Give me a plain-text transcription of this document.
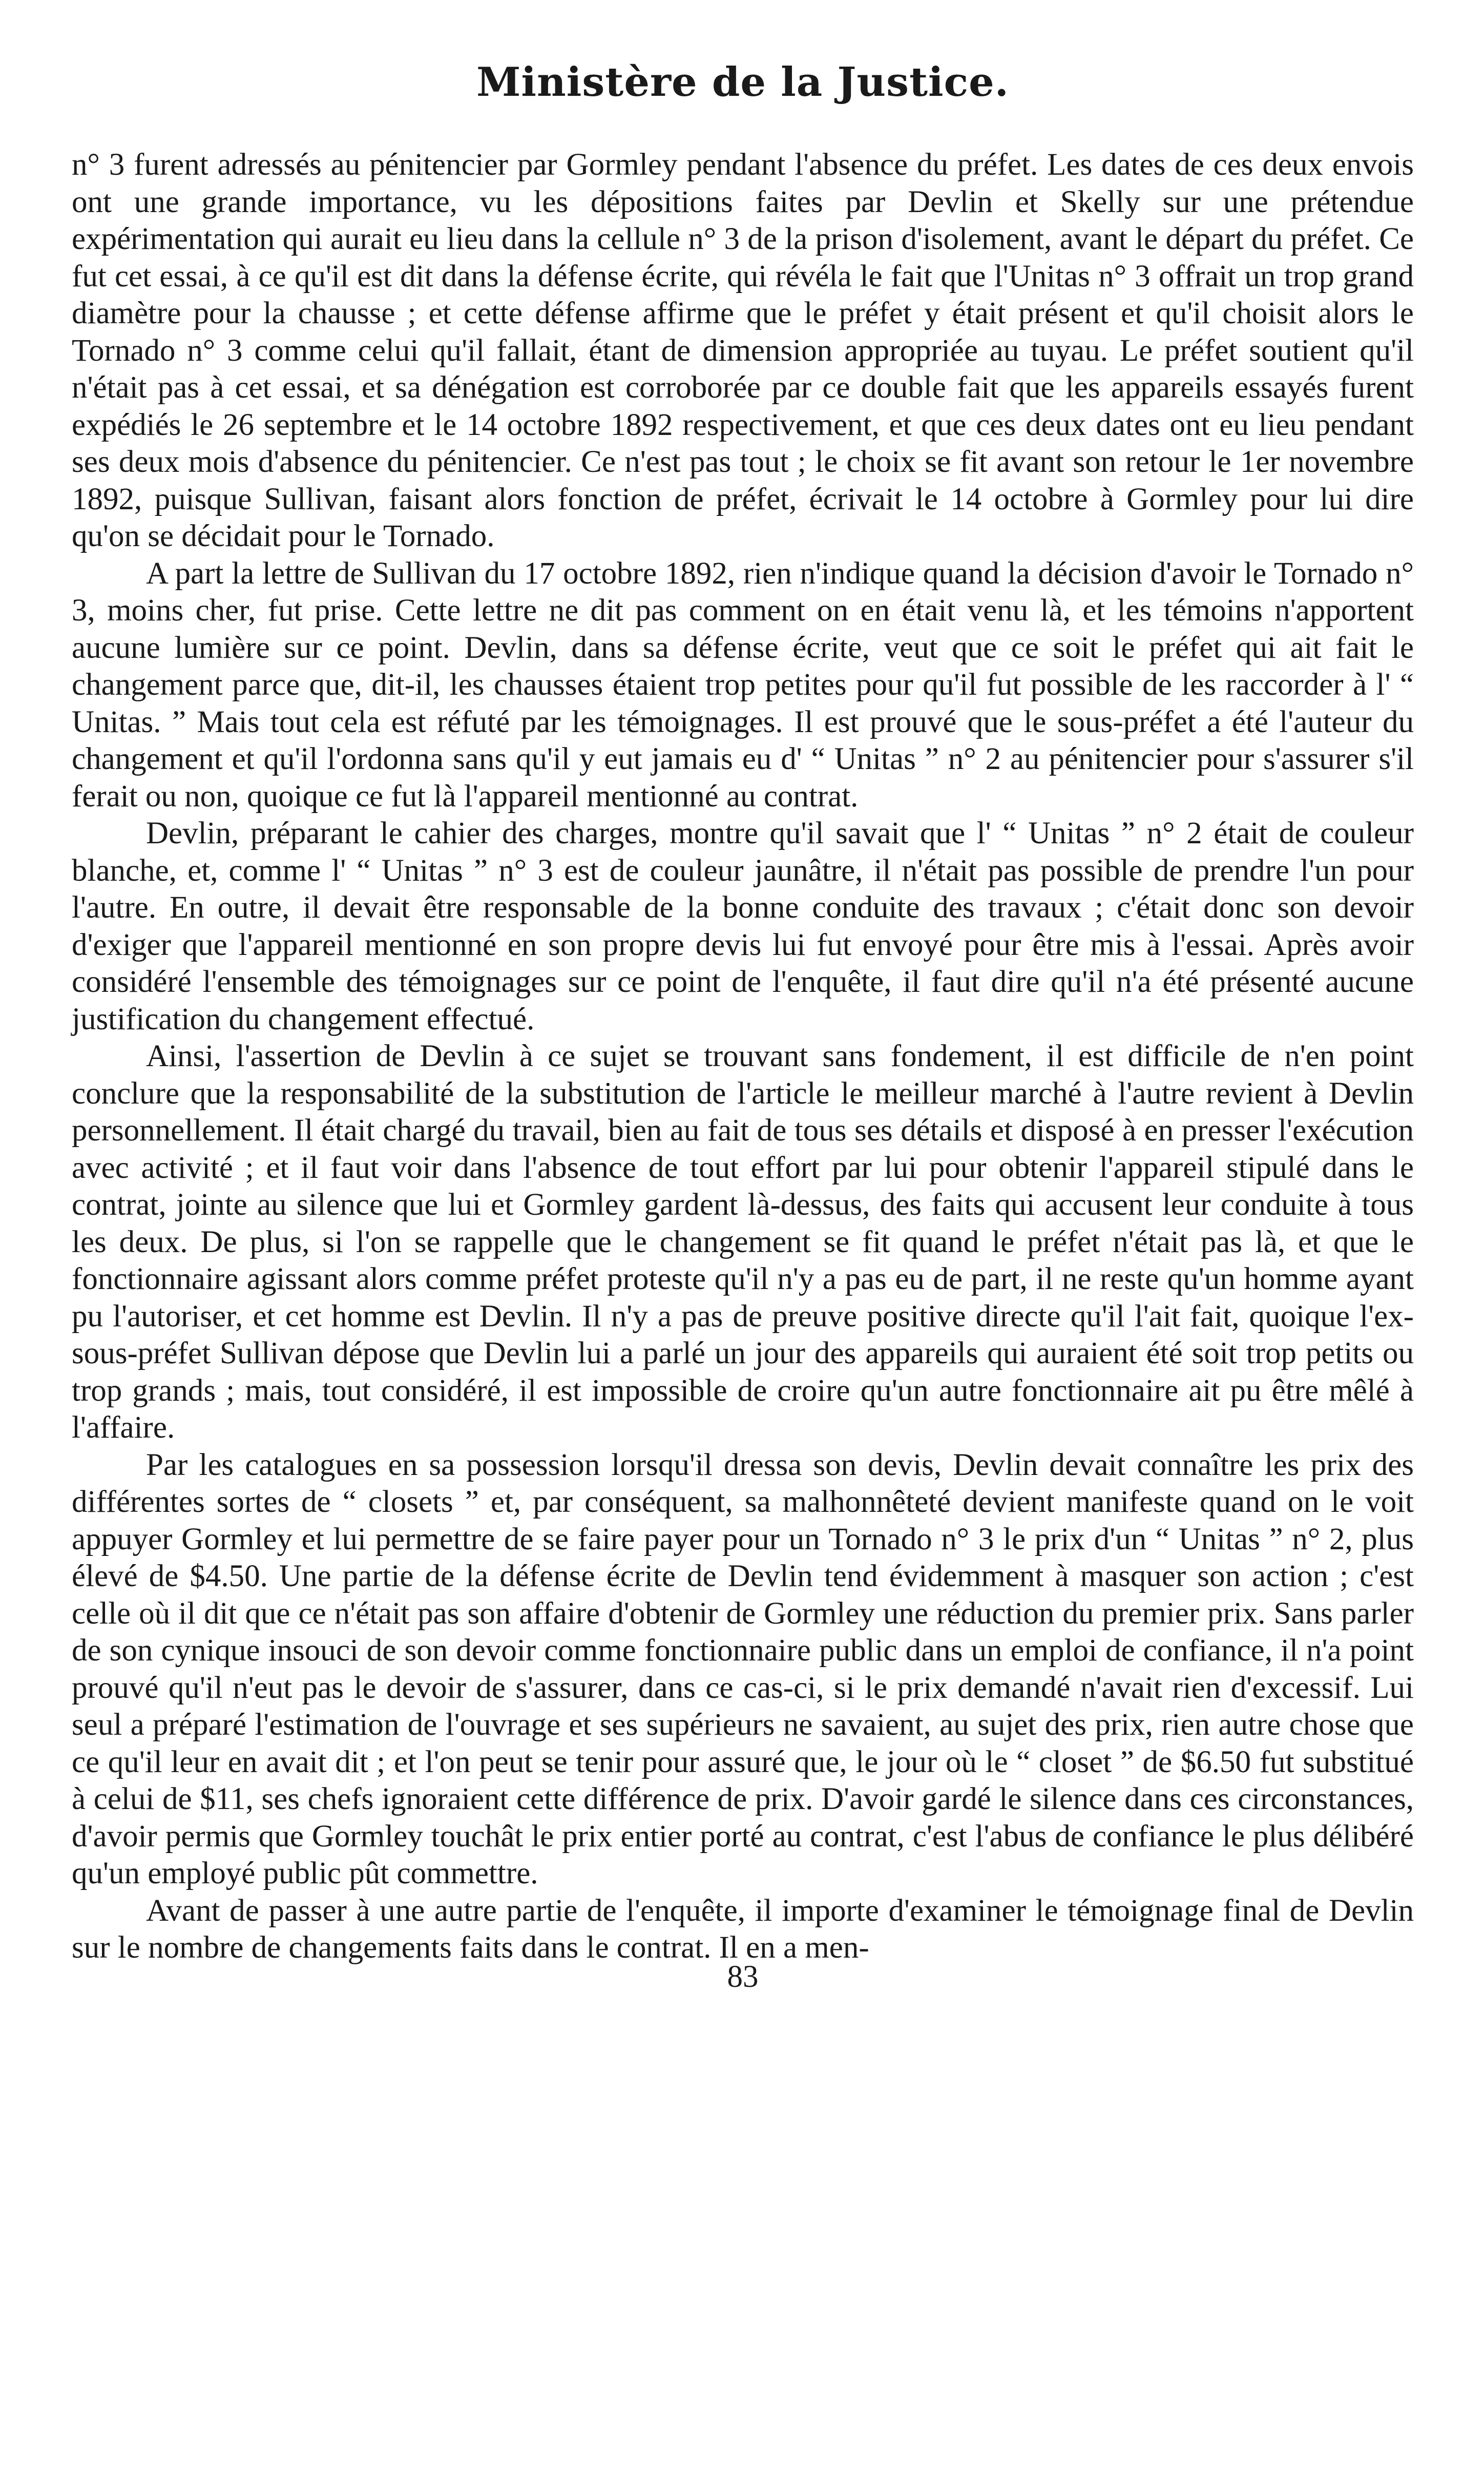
Ministère de la Justice.

n° 3 furent adressés au pénitencier par Gormley pendant l'absence du préfet. Les dates de ces deux envois ont une grande importance, vu les dépositions faites par Devlin et Skelly sur une prétendue expérimentation qui aurait eu lieu dans la cellule n° 3 de la prison d'isolement, avant le départ du préfet. Ce fut cet essai, à ce qu'il est dit dans la défense écrite, qui révéla le fait que l'Unitas n° 3 offrait un trop grand diamètre pour la chausse ; et cette défense affirme que le préfet y était présent et qu'il choisit alors le Tornado n° 3 comme celui qu'il fallait, étant de dimension appropriée au tuyau. Le préfet soutient qu'il n'était pas à cet essai, et sa dénégation est corroborée par ce double fait que les appareils essayés furent expédiés le 26 septembre et le 14 octobre 1892 respectivement, et que ces deux dates ont eu lieu pendant ses deux mois d'absence du pénitencier. Ce n'est pas tout ; le choix se fit avant son retour le 1er novembre 1892, puisque Sullivan, faisant alors fonction de préfet, écrivait le 14 octobre à Gormley pour lui dire qu'on se décidait pour le Tornado.

A part la lettre de Sullivan du 17 octobre 1892, rien n'indique quand la décision d'avoir le Tornado n° 3, moins cher, fut prise. Cette lettre ne dit pas comment on en était venu là, et les témoins n'apportent aucune lumière sur ce point. Devlin, dans sa défense écrite, veut que ce soit le préfet qui ait fait le changement parce que, dit-il, les chausses étaient trop petites pour qu'il fut possible de les raccorder à l' “ Unitas. ” Mais tout cela est réfuté par les témoignages. Il est prouvé que le sous-préfet a été l'auteur du changement et qu'il l'ordonna sans qu'il y eut jamais eu d' “ Unitas ” n° 2 au pénitencier pour s'assurer s'il ferait ou non, quoique ce fut là l'appareil mentionné au contrat.

Devlin, préparant le cahier des charges, montre qu'il savait que l' “ Unitas ” n° 2 était de couleur blanche, et, comme l' “ Unitas ” n° 3 est de couleur jaunâtre, il n'était pas possible de prendre l'un pour l'autre. En outre, il devait être responsable de la bonne conduite des travaux ; c'était donc son devoir d'exiger que l'appareil mentionné en son propre devis lui fut envoyé pour être mis à l'essai. Après avoir considéré l'ensemble des témoignages sur ce point de l'enquête, il faut dire qu'il n'a été présenté aucune justification du changement effectué.

Ainsi, l'assertion de Devlin à ce sujet se trouvant sans fondement, il est difficile de n'en point conclure que la responsabilité de la substitution de l'article le meilleur marché à l'autre revient à Devlin personnellement. Il était chargé du travail, bien au fait de tous ses détails et disposé à en presser l'exécution avec activité ; et il faut voir dans l'absence de tout effort par lui pour obtenir l'appareil stipulé dans le contrat, jointe au silence que lui et Gormley gardent là-dessus, des faits qui accusent leur conduite à tous les deux. De plus, si l'on se rappelle que le changement se fit quand le préfet n'était pas là, et que le fonctionnaire agissant alors comme préfet proteste qu'il n'y a pas eu de part, il ne reste qu'un homme ayant pu l'autoriser, et cet homme est Devlin. Il n'y a pas de preuve positive directe qu'il l'ait fait, quoique l'ex-sous-préfet Sullivan dépose que Devlin lui a parlé un jour des appareils qui auraient été soit trop petits ou trop grands ; mais, tout considéré, il est impossible de croire qu'un autre fonctionnaire ait pu être mêlé à l'affaire.

Par les catalogues en sa possession lorsqu'il dressa son devis, Devlin devait connaître les prix des différentes sortes de “ closets ” et, par conséquent, sa malhonnêteté devient manifeste quand on le voit appuyer Gormley et lui permettre de se faire payer pour un Tornado n° 3 le prix d'un “ Unitas ” n° 2, plus élevé de $4.50. Une partie de la défense écrite de Devlin tend évidemment à masquer son action ; c'est celle où il dit que ce n'était pas son affaire d'obtenir de Gormley une réduction du premier prix. Sans parler de son cynique insouci de son devoir comme fonctionnaire public dans un emploi de confiance, il n'a point prouvé qu'il n'eut pas le devoir de s'assurer, dans ce cas-ci, si le prix demandé n'avait rien d'excessif. Lui seul a préparé l'estimation de l'ouvrage et ses supérieurs ne savaient, au sujet des prix, rien autre chose que ce qu'il leur en avait dit ; et l'on peut se tenir pour assuré que, le jour où le “ closet ” de $6.50 fut substitué à celui de $11, ses chefs ignoraient cette différence de prix. D'avoir gardé le silence dans ces circonstances, d'avoir permis que Gormley touchât le prix entier porté au contrat, c'est l'abus de confiance le plus délibéré qu'un employé public pût commettre.

Avant de passer à une autre partie de l'enquête, il importe d'examiner le témoignage final de Devlin sur le nombre de changements faits dans le contrat. Il en a men-

83
